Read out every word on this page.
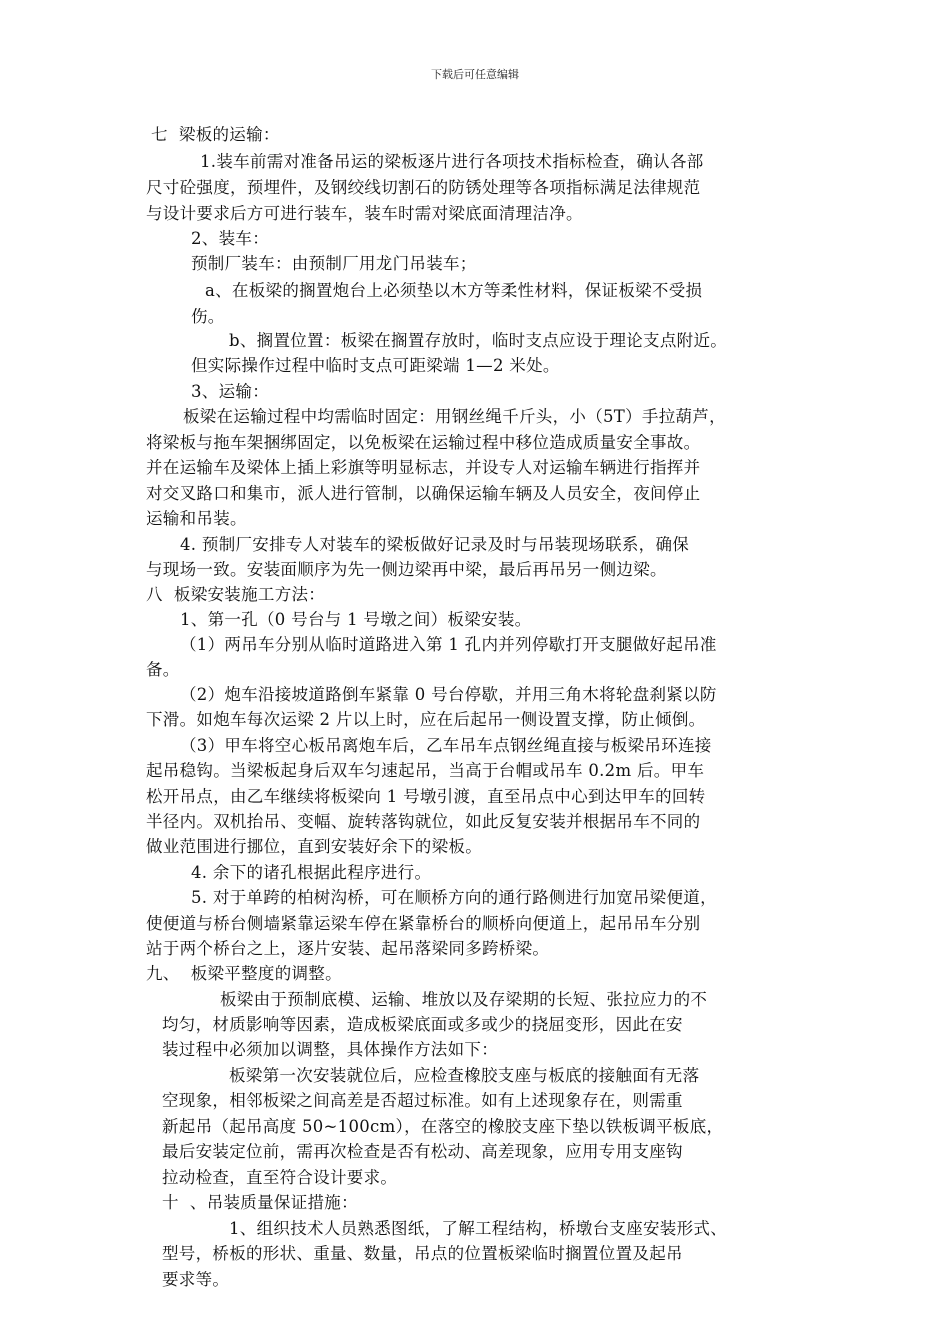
下载后可任意编辑
七  梁板的运输：
1.装车前需对准备吊运的梁板逐片进行各项技术指标检查，确认各部
尺寸砼强度，预埋件，及钢绞线切割石的防锈处理等各项指标满足法律规范
与设计要求后方可进行装车，装车时需对梁底面清理洁净。
2、装车：
预制厂装车：由预制厂用龙门吊装车；
a、在板梁的搁置炮台上必须垫以木方等柔性材料，保证板梁不受损
伤。
b、搁置位置：板梁在搁置存放时，临时支点应设于理论支点附近。
但实际操作过程中临时支点可距梁端 1—2 米处。
3、运输：
板梁在运输过程中均需临时固定：用钢丝绳千斤头，小（5T）手拉葫芦，
将梁板与拖车架捆绑固定，以免板梁在运输过程中移位造成质量安全事故。
并在运输车及梁体上插上彩旗等明显标志，并设专人对运输车辆进行指挥并
对交叉路口和集市，派人进行管制，以确保运输车辆及人员安全，夜间停止
运输和吊装。
4. 预制厂安排专人对装车的梁板做好记录及时与吊装现场联系，确保
与现场一致。安装面顺序为先一侧边梁再中梁，最后再吊另一侧边梁。
八  板梁安装施工方法：
1、第一孔（0 号台与 1 号墩之间）板梁安装。
（1）两吊车分别从临时道路进入第 1 孔内并列停歇打开支腿做好起吊准
备。
（2）炮车沿接坡道路倒车紧靠 0 号台停歇，并用三角木将轮盘刹紧以防
下滑。如炮车每次运梁 2 片以上时，应在后起吊一侧设置支撑，防止倾倒。
（3）甲车将空心板吊离炮车后，乙车吊车点钢丝绳直接与板梁吊环连接
起吊稳钩。当梁板起身后双车匀速起吊，当高于台帽或吊车 0.2m 后。甲车
松开吊点，由乙车继续将板梁向 1 号墩引渡，直至吊点中心到达甲车的回转
半径内。双机抬吊、变幅、旋转落钩就位，如此反复安装并根据吊车不同的
做业范围进行挪位，直到安装好余下的梁板。
4. 余下的诸孔根据此程序进行。
5. 对于单跨的柏树沟桥，可在顺桥方向的通行路侧进行加宽吊梁便道，
使便道与桥台侧墙紧靠运梁车停在紧靠桥台的顺桥向便道上，起吊吊车分别
站于两个桥台之上，逐片安装、起吊落梁同多跨桥梁。
九、  板梁平整度的调整。
板梁由于预制底模、运输、堆放以及存梁期的长短、张拉应力的不
均匀，材质影响等因素，造成板梁底面或多或少的挠屈变形，因此在安
装过程中必须加以调整，具体操作方法如下：
板梁第一次安装就位后，应检查橡胶支座与板底的接触面有无落
空现象，相邻板梁之间高差是否超过标准。如有上述现象存在，则需重
新起吊（起吊高度 50~100cm），在落空的橡胶支座下垫以铁板调平板底，
最后安装定位前，需再次检查是否有松动、高差现象，应用专用支座钩
拉动检查，直至符合设计要求。
十  、吊装质量保证措施：
1、组织技术人员熟悉图纸，了解工程结构，桥墩台支座安装形式、
型号，桥板的形状、重量、数量，吊点的位置板梁临时搁置位置及起吊
要求等。
